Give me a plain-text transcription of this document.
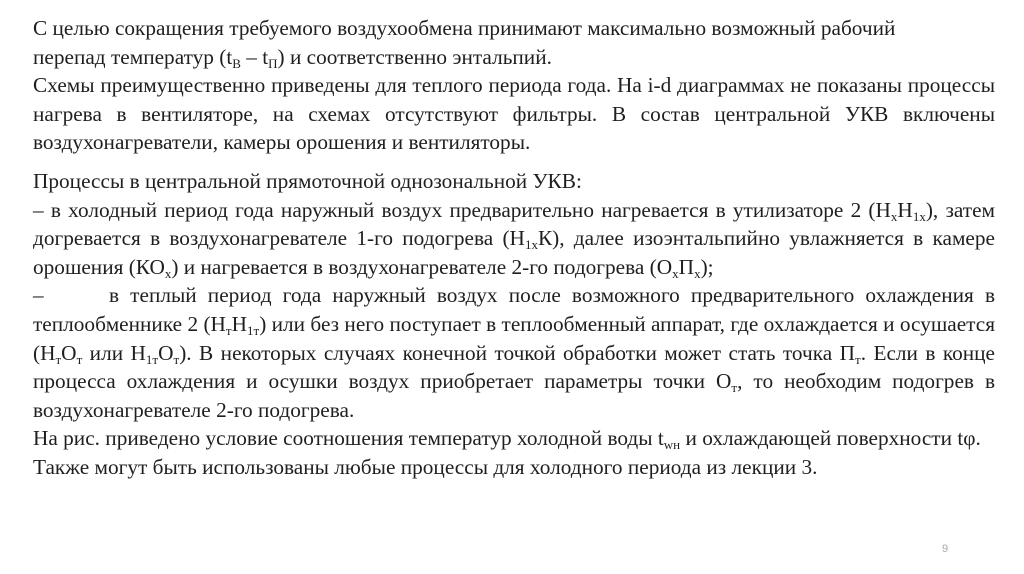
С целью сокращения требуемого воздухообмена принимают максимально возможный рабочий
перепад температур $(t_В - t_П)$ и соответственно энтальпий.

Схемы преимущественно приведены для теплого периода года. На i-d диаграммах не показаны процессы нагрева в вентиляторе, на схемах отсутствуют фильтры. В состав центральной УКВ включены воздухонагреватели, камеры орошения и вентиляторы.

Процессы в центральной прямоточной однозональной УКВ:

– в холодный период года наружный воздух предварительно нагревается в утилизаторе 2 $(Н_хН_{1х})$, затем догревается в воздухонагревателе 1-го подогрева $(Н_{1х}К)$, далее изоэнтальпийно увлажняется в камере орошения $(КО_х)$ и нагревается в воздухонагревателе 2-го подогрева $(О_хП_х)$;

–	в теплый период года наружный воздух после возможного предварительного охлаждения в теплообменнике 2 $(Н_тН_{1т})$ или без него поступает в теплообменный аппарат, где охлаждается и осушается ($Н_тО_т$ или $Н_{1т}О_т$). В некоторых случаях конечной точкой обработки может стать точка $П_т$. Если в конце процесса охлаждения и осушки воздух приобретает параметры точки $О_т$, то необходим подогрев в воздухонагревателе 2-го подогрева.

На рис. приведено условие соотношения температур холодной воды $t_{wн}$ и охлаждающей поверхности tφ.

Также могут быть использованы любые процессы для холодного периода из лекции 3.

9
